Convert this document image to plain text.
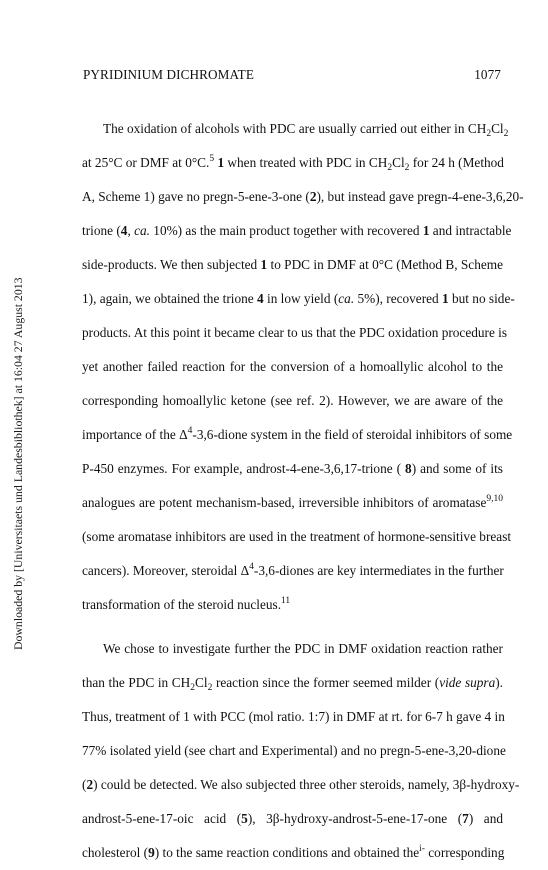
PYRIDINIUM DICHROMATE	1077
Downloaded by [Universitaets und Landesbibliothek] at 16:04 27 August 2013
The oxidation of alcohols with PDC are usually carried out either in $CH_2Cl_2$
at 25°C or DMF at 0°C.$^5$ 1 when treated with PDC in $CH_2Cl_2$ for 24 h (Method
A, Scheme 1) gave no pregn-5-ene-3-one (2), but instead gave pregn-4-ene-3,6,20-
trione (4, ca. 10%) as the main product together with recovered 1 and intractable
side-products. We then subjected 1 to PDC in DMF at 0°C (Method B, Scheme
1), again, we obtained the trione 4 in low yield (ca. 5%), recovered 1 but no side-
products. At this point it became clear to us that the PDC oxidation procedure is
yet another failed reaction for the conversion of a homoallylic alcohol to the
corresponding homoallylic ketone (see ref. 2). However, we are aware of the
importance of the $\Delta^4-3,6$-dione system in the field of steroidal inhibitors of some
P-450 enzymes. For example, androst-4-ene-3,6,17-trione ( 8) and some of its
analogues are potent mechanism-based, irreversible inhibitors of aromatase$^{9,10}$
(some aromatase inhibitors are used in the treatment of hormone-sensitive breast
cancers). Moreover, steroidal $\Delta^4-3,6$-diones are key intermediates in the further
transformation of the steroid nucleus.$^{11}$
We chose to investigate further the PDC in DMF oxidation reaction rather
than the PDC in $CH_2Cl_2$ reaction since the former seemed milder (vide supra).
Thus, treatment of 1 with PCC (mol ratio. 1:7) in DMF at rt. for 6-7 h gave 4 in
77% isolated yield (see chart and Experimental) and no pregn-5-ene-3,20-dione
(2) could be detected. We also subjected three other steroids, namely, 3β-hydroxy-
androst-5-ene-17-oic acid (5), 3β-hydroxy-androst-5-ene-17-one (7) and
cholesterol (9) to the same reaction conditions and obtained the$^{i-}$ corresponding
